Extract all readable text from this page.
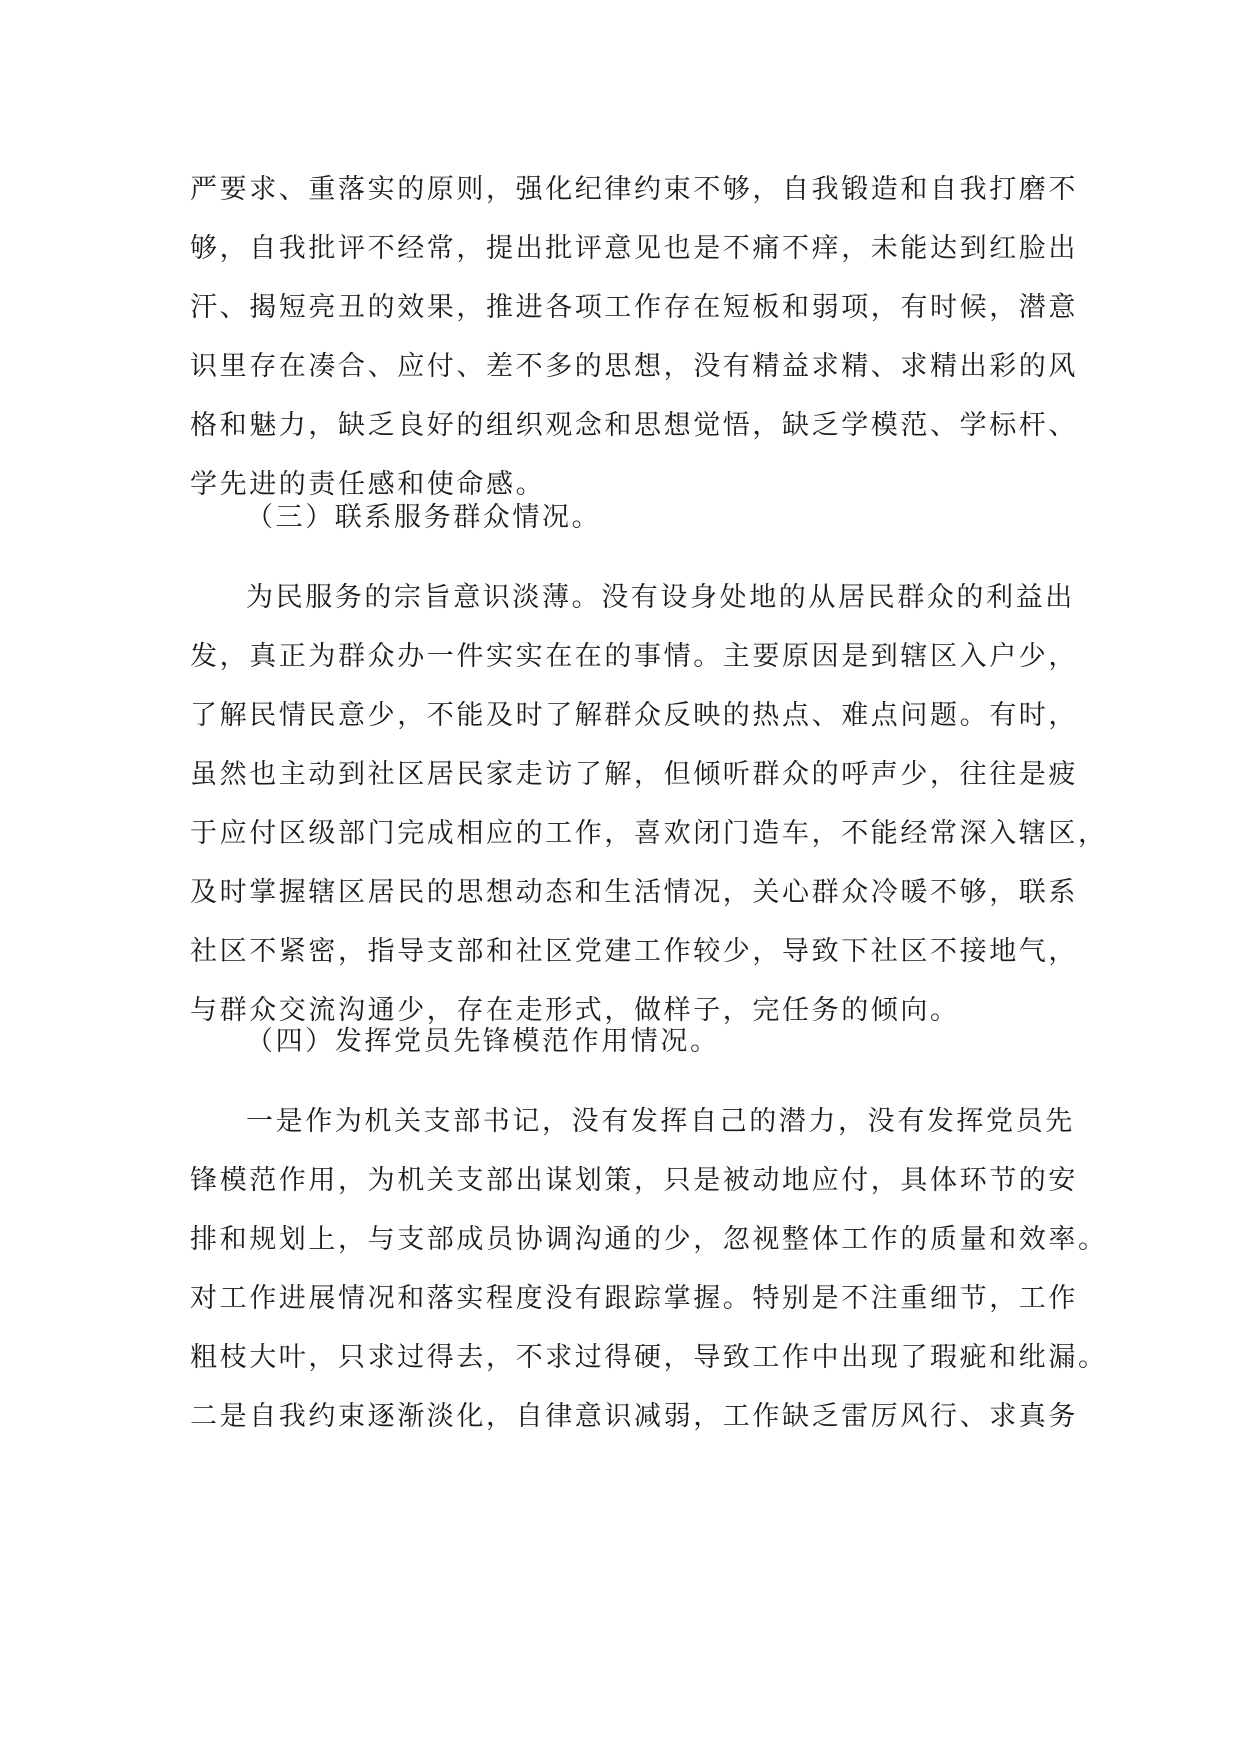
严要求、重落实的原则，强化纪律约束不够，自我锻造和自我打磨不
够，自我批评不经常，提出批评意见也是不痛不痒，未能达到红脸出
汗、揭短亮丑的效果，推进各项工作存在短板和弱项，有时候，潜意
识里存在凑合、应付、差不多的思想，没有精益求精、求精出彩的风
格和魅力，缺乏良好的组织观念和思想觉悟，缺乏学模范、学标杆、
学先进的责任感和使命感。
（三）联系服务群众情况。
为民服务的宗旨意识淡薄。没有设身处地的从居民群众的利益出
发，真正为群众办一件实实在在的事情。主要原因是到辖区入户少，
了解民情民意少，不能及时了解群众反映的热点、难点问题。有时，
虽然也主动到社区居民家走访了解，但倾听群众的呼声少，往往是疲
于应付区级部门完成相应的工作，喜欢闭门造车，不能经常深入辖区，
及时掌握辖区居民的思想动态和生活情况，关心群众冷暖不够，联系
社区不紧密，指导支部和社区党建工作较少，导致下社区不接地气，
与群众交流沟通少，存在走形式，做样子，完任务的倾向。
（四）发挥党员先锋模范作用情况。
一是作为机关支部书记，没有发挥自己的潜力，没有发挥党员先
锋模范作用，为机关支部出谋划策，只是被动地应付，具体环节的安
排和规划上，与支部成员协调沟通的少，忽视整体工作的质量和效率。
对工作进展情况和落实程度没有跟踪掌握。特别是不注重细节，工作
粗枝大叶，只求过得去，不求过得硬，导致工作中出现了瑕疵和纰漏。
二是自我约束逐渐淡化，自律意识减弱，工作缺乏雷厉风行、求真务
